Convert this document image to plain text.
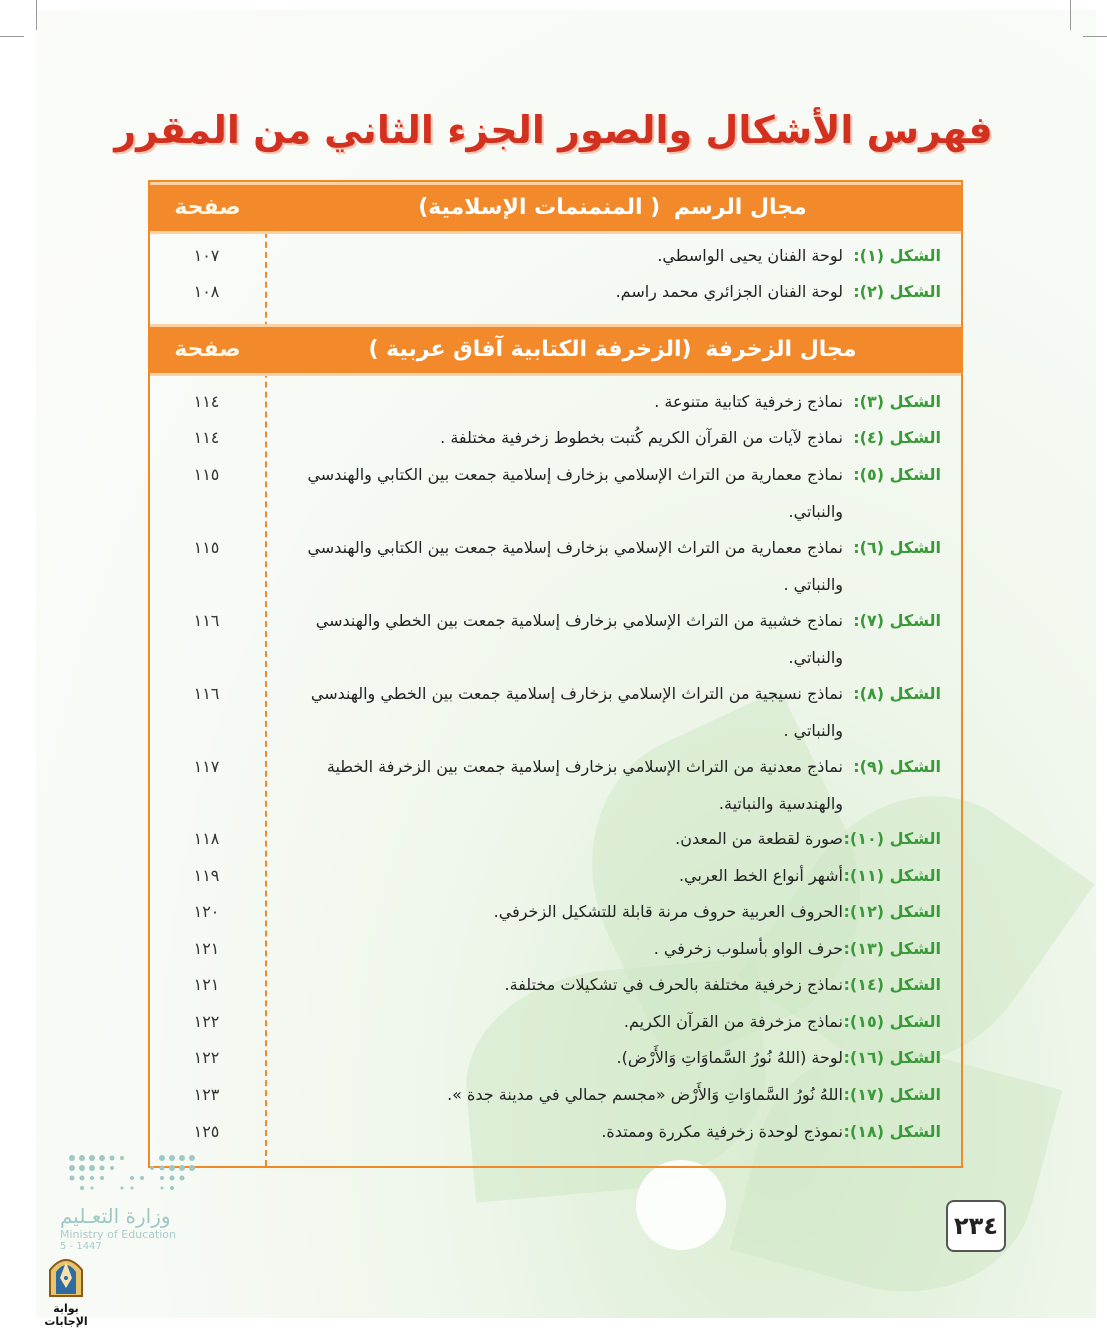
فهرس الأشكال والصور الجزء الثاني من المقرر
مجال الرسم ( المنمنمات الإسلامية)
صفحة
الشكل (١):
لوحة الفنان يحيى الواسطي.
١٠٧
الشكل (٢):
لوحة الفنان الجزائري محمد راسم.
١٠٨
مجال الزخرفة (الزخرفة الكتابية آفاق عربية )
صفحة
الشكل (٣):
نماذج زخرفية كتابية متنوعة .
١١٤
الشكل (٤):
نماذج لآيات من القرآن الكريم كُتبت بخطوط زخرفية مختلفة .
١١٤
الشكل (٥):
نماذج معمارية من التراث الإسلامي بزخارف إسلامية جمعت بين الكتابي والهندسي والنباتي.
١١٥
الشكل (٦):
نماذج معمارية من التراث الإسلامي بزخارف إسلامية جمعت بين الكتابي والهندسي والنباتي .
١١٥
الشكل (٧):
نماذج خشبية من التراث الإسلامي بزخارف إسلامية جمعت بين الخطي والهندسي والنباتي.
١١٦
الشكل (٨):
نماذج نسيجية من التراث الإسلامي بزخارف إسلامية جمعت بين الخطي والهندسي والنباتي .
١١٦
الشكل (٩):
نماذج معدنية من التراث الإسلامي بزخارف إسلامية جمعت بين الزخرفة الخطية والهندسية والنباتية.
١١٧
الشكل (١٠):
صورة لقطعة من المعدن.
١١٨
الشكل (١١):
أشهر أنواع الخط العربي.
١١٩
الشكل (١٢):
الحروف العربية حروف مرنة قابلة للتشكيل الزخرفي.
١٢٠
الشكل (١٣):
حرف الواو بأسلوب زخرفي .
١٢١
الشكل (١٤):
نماذج زخرفية مختلفة بالحرف في تشكيلات مختلفة.
١٢١
الشكل (١٥):
نماذج مزخرفة من القرآن الكريم.
١٢٢
الشكل (١٦):
لوحة (اللهُ نُورُ السَّماوَاتِ وَالأَرْض).
١٢٢
الشكل (١٧):
اللهُ نُورُ السَّماوَاتِ وَالأَرْض «مجسم جمالي في مدينة جدة ».
١٢٣
الشكل (١٨):
نموذج لوحدة زخرفية مكررة وممتدة.
١٢٥
٢٣٤
وزارة التعـليم
Ministry of Education
5 - 1447
بوابة الإجابات
